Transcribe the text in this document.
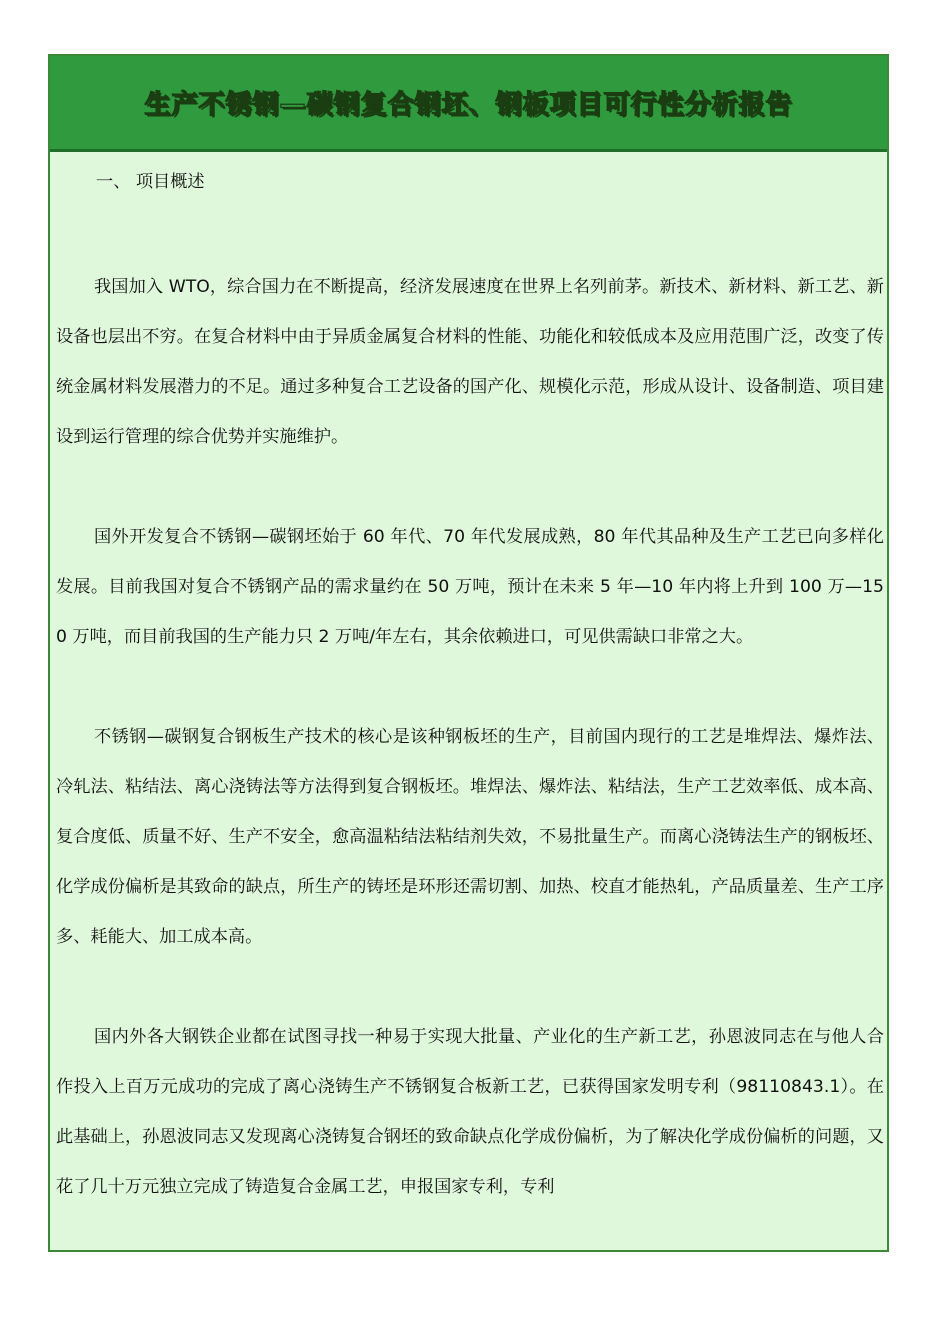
生产不锈钢—碳钢复合钢坯、钢板项目可行性分析报告

一、 项目概述

我国加入 WTO，综合国力在不断提高，经济发展速度在世界上名列前茅。新技术、新材料、新工艺、新设备也层出不穷。在复合材料中由于异质金属复合材料的性能、功能化和较低成本及应用范围广泛，改变了传统金属材料发展潜力的不足。通过多种复合工艺设备的国产化、规模化示范，形成从设计、设备制造、项目建设到运行管理的综合优势并实施维护。

国外开发复合不锈钢—碳钢坯始于 60 年代、70 年代发展成熟，80 年代其品种及生产工艺已向多样化发展。目前我国对复合不锈钢产品的需求量约在 50 万吨，预计在未来 5 年—10 年内将上升到 100 万—150 万吨，而目前我国的生产能力只 2 万吨/年左右，其余依赖进口，可见供需缺口非常之大。

不锈钢—碳钢复合钢板生产技术的核心是该种钢板坯的生产，目前国内现行的工艺是堆焊法、爆炸法、冷轧法、粘结法、离心浇铸法等方法得到复合钢板坯。堆焊法、爆炸法、粘结法，生产工艺效率低、成本高、复合度低、质量不好、生产不安全，愈高温粘结法粘结剂失效，不易批量生产。而离心浇铸法生产的钢板坯、化学成份偏析是其致命的缺点，所生产的铸坯是环形还需切割、加热、校直才能热轧，产品质量差、生产工序多、耗能大、加工成本高。

国内外各大钢铁企业都在试图寻找一种易于实现大批量、产业化的生产新工艺，孙恩波同志在与他人合作投入上百万元成功的完成了离心浇铸生产不锈钢复合板新工艺，已获得国家发明专利（98110843.1）。在此基础上，孙恩波同志又发现离心浇铸复合钢坯的致命缺点化学成份偏析，为了解决化学成份偏析的问题，又花了几十万元独立完成了铸造复合金属工艺，申报国家专利，专利
